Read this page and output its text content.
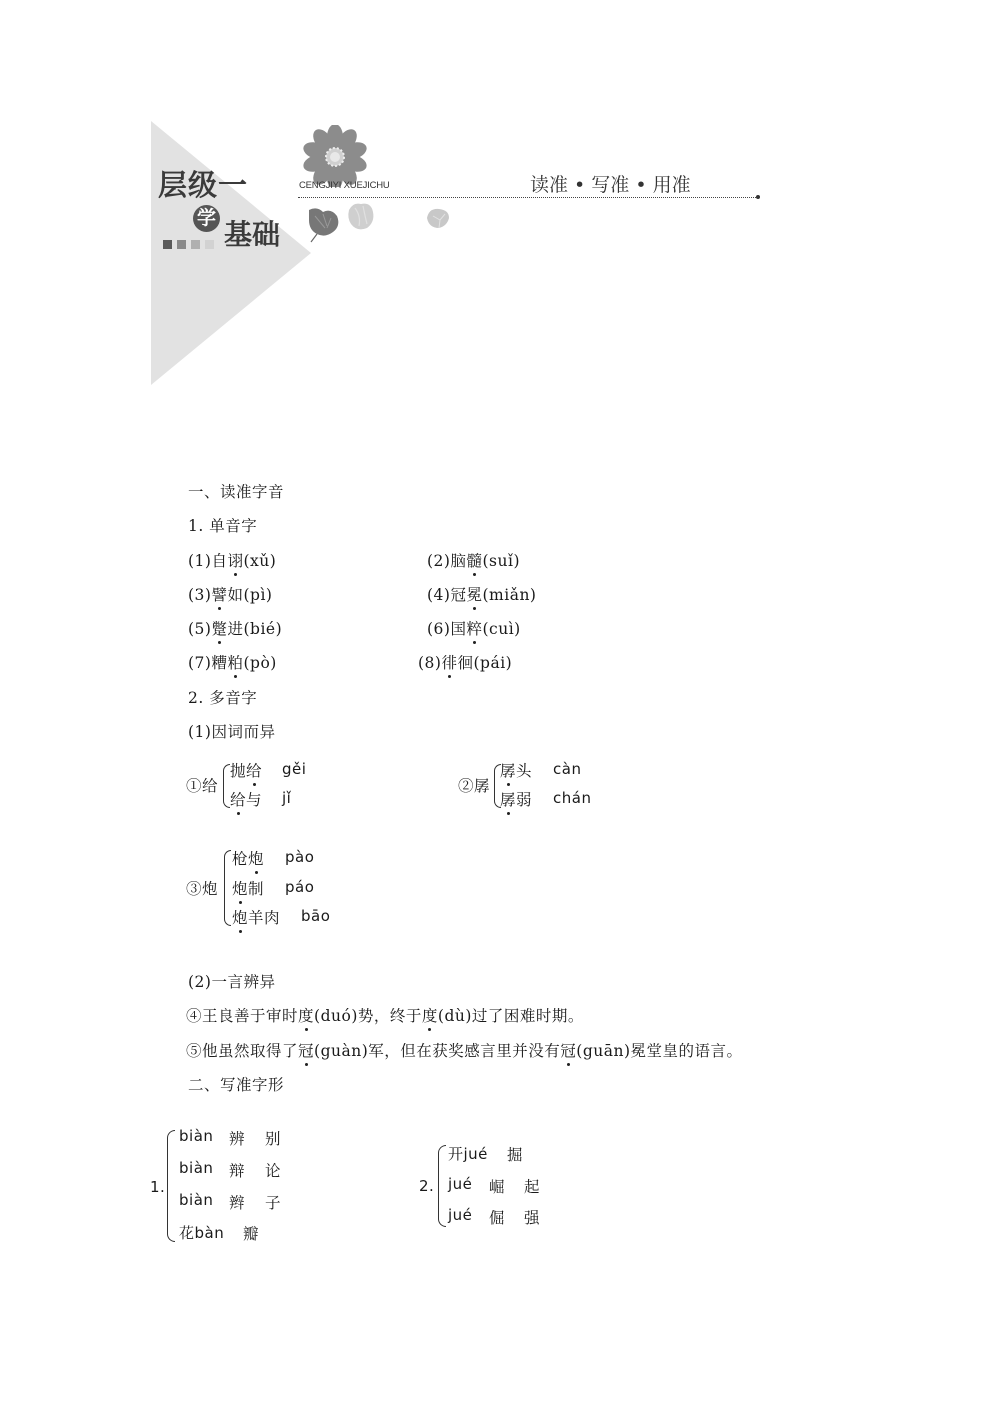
层级一
学 基础
CENGJIYI XUEJICHU	读准 • 写准 • 用准
一、读准字音
1. 单音字
(1)自诩(xǔ)	(2)脑髓(suǐ)
(3)譬如(pì)	(4)冠冕(miǎn)
(5)蹩进(bié)	(6)国粹(cuì)
(7)糟粕(pò)	(8)徘徊(pái)
2. 多音字
(1)因词而异
①给
抛给 gěi
给与 jǐ
②孱
孱头 càn
孱弱 chán
③炮
枪炮 pào
炮制 páo
炮羊肉 bāo
(2)一言辨异
④王良善于审时度(duó)势，终于度(dù)过了困难时期。
⑤他虽然取得了冠(guàn)军，但在获奖感言里并没有冠(guān)冕堂皇的语言。
二、写准字形
1.
biàn 辨 别
biàn 辩 论
biàn 辫 子
花bàn 瓣
2.
开jué 掘
jué 崛 起
jué 倔 强
